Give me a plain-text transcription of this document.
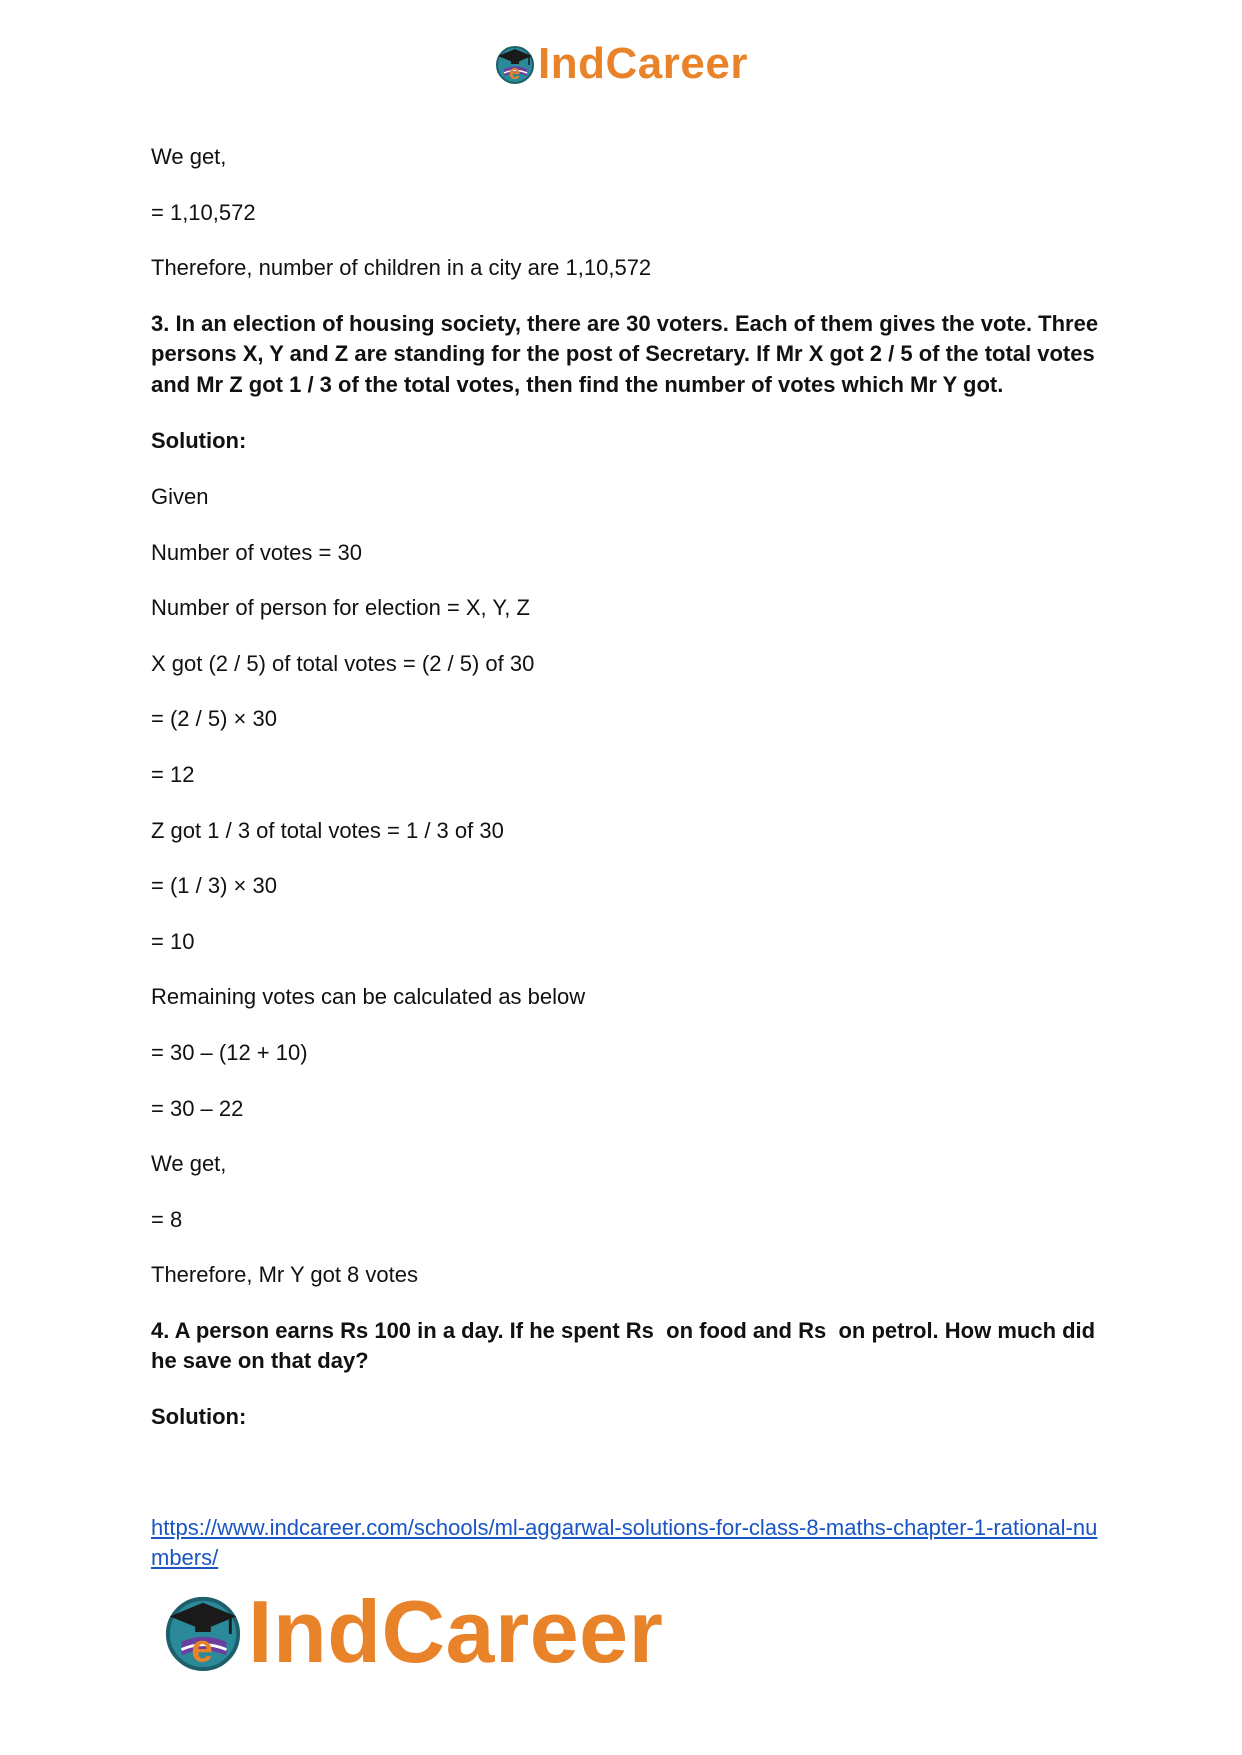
e IndCareer

We get,

= 1,10,572

Therefore, number of children in a city are 1,10,572

3. In an election of housing society, there are 30 voters. Each of them gives the vote. Three persons X, Y and Z are standing for the post of Secretary. If Mr X got 2 / 5 of the total votes and Mr Z got 1 / 3 of the total votes, then find the number of votes which Mr Y got.

Solution:

Given

Number of votes = 30

Number of person for election = X, Y, Z

X got (2 / 5) of total votes = (2 / 5) of 30

= (2 / 5) × 30

= 12

Z got 1 / 3 of total votes = 1 / 3 of 30

= (1 / 3) × 30

= 10

Remaining votes can be calculated as below

= 30 – (12 + 10)

= 30 – 22

We get,

= 8

Therefore, Mr Y got 8 votes

4. A person earns Rs 100 in a day. If he spent Rs  on food and Rs  on petrol. How much did he save on that day?

Solution:

https://www.indcareer.com/schools/ml-aggarwal-solutions-for-class-8-maths-chapter-1-rational-numbers/
e IndCareer
